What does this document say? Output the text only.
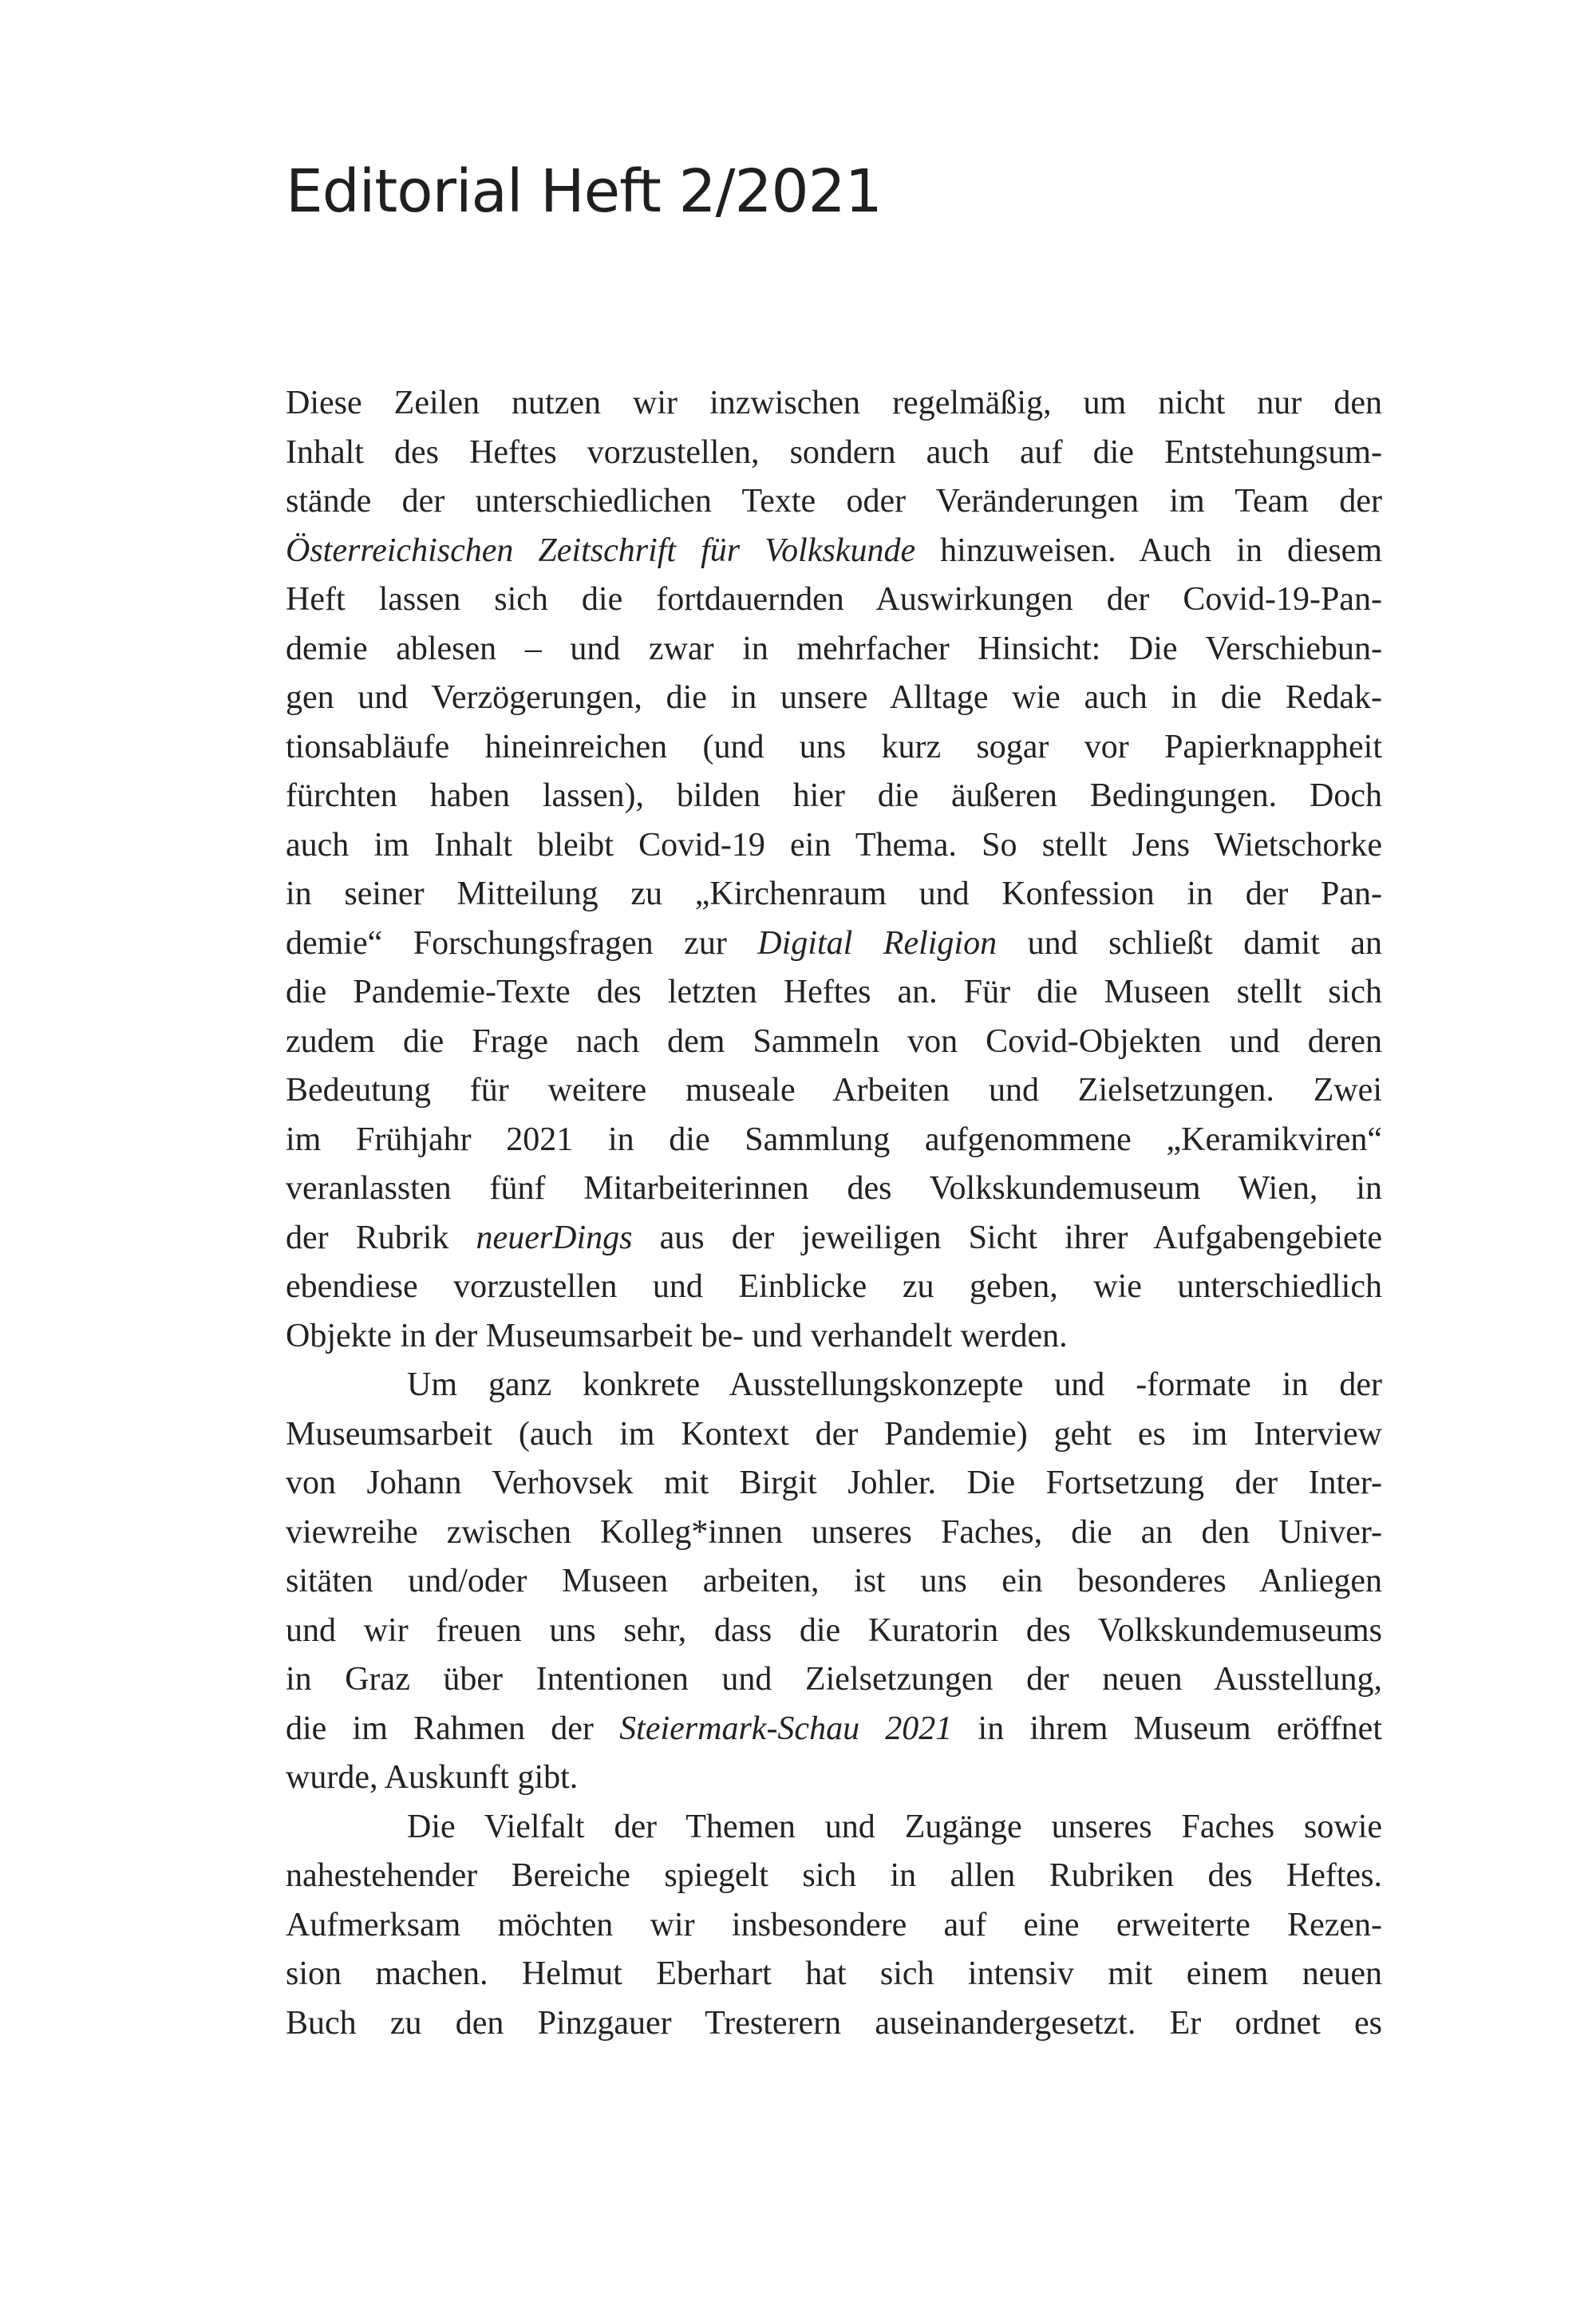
Editorial Heft 2/2021
Diese Zeilen nutzen wir inzwischen regelmäßig, um nicht nur den
Inhalt des Heftes vorzustellen, sondern auch auf die Entstehungsum-
stände der unterschiedlichen Texte oder Veränderungen im Team der
Österreichischen Zeitschrift für Volkskunde hinzuweisen. Auch in diesem
Heft lassen sich die fortdauernden Auswirkungen der Covid-19-Pan-
demie ablesen – und zwar in mehrfacher Hinsicht: Die Verschiebun-
gen und Verzögerungen, die in unsere Alltage wie auch in die Redak-
tionsabläufe hineinreichen (und uns kurz sogar vor Papierknappheit
fürchten haben lassen), bilden hier die äußeren Bedingungen. Doch
auch im Inhalt bleibt Covid-19 ein Thema. So stellt Jens Wietschorke
in seiner Mitteilung zu „Kirchenraum und Konfession in der Pan-
demie“ Forschungsfragen zur Digital Religion und schließt damit an
die Pandemie-Texte des letzten Heftes an. Für die Museen stellt sich
zudem die Frage nach dem Sammeln von Covid-Objekten und deren
Bedeutung für weitere museale Arbeiten und Zielsetzungen. Zwei
im Frühjahr 2021 in die Sammlung aufgenommene „Keramikviren“
veranlassten fünf Mitarbeiterinnen des Volkskundemuseum Wien, in
der Rubrik neuerDings aus der jeweiligen Sicht ihrer Aufgabengebiete
ebendiese vorzustellen und Einblicke zu geben, wie unterschiedlich
Objekte in der Museumsarbeit be- und verhandelt werden.
Um ganz konkrete Ausstellungskonzepte und -formate in der
Museumsarbeit (auch im Kontext der Pandemie) geht es im Interview
von Johann Verhovsek mit Birgit Johler. Die Fortsetzung der Inter-
viewreihe zwischen Kolleg*innen unseres Faches, die an den Univer-
sitäten und/oder Museen arbeiten, ist uns ein besonderes Anliegen
und wir freuen uns sehr, dass die Kuratorin des Volkskundemuseums
in Graz über Intentionen und Zielsetzungen der neuen Ausstellung,
die im Rahmen der Steiermark-Schau 2021 in ihrem Museum eröffnet
wurde, Auskunft gibt.
Die Vielfalt der Themen und Zugänge unseres Faches sowie
nahestehender Bereiche spiegelt sich in allen Rubriken des Heftes.
Aufmerksam möchten wir insbesondere auf eine erweiterte Rezen-
sion machen. Helmut Eberhart hat sich intensiv mit einem neuen
Buch zu den Pinzgauer Tresterern auseinandergesetzt. Er ordnet es
